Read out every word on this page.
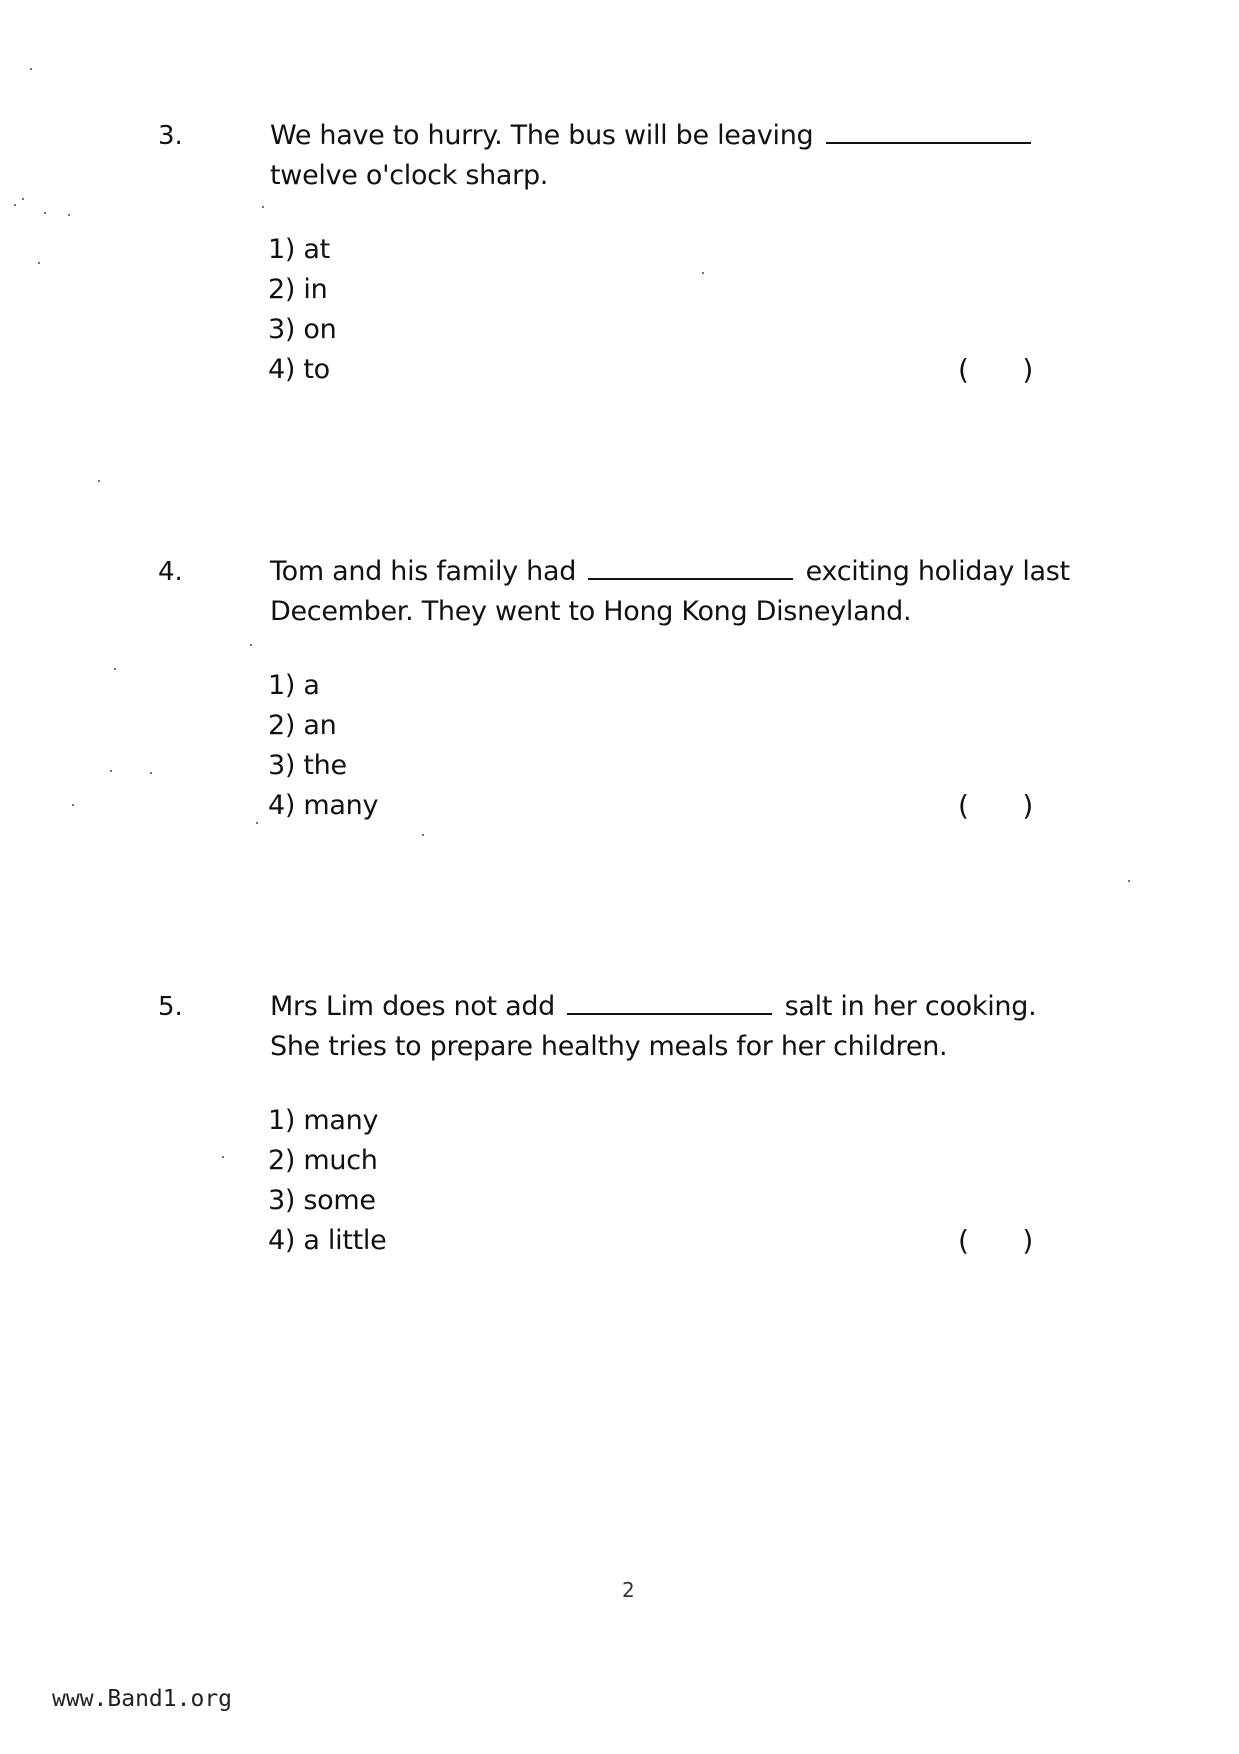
3.	We have to hurry. The bus will be leaving
twelve o'clock sharp.
1) at
2) in
3) on
4) to	(      )
4.	Tom and his family had	exciting holiday last
December. They went to Hong Kong Disneyland.
1) a
2) an
3) the
4) many	(      )
5.	Mrs Lim does not add	salt in her cooking.
She tries to prepare healthy meals for her children.
1) many
2) much
3) some
4) a little	(      )
2
www.Band1.org
